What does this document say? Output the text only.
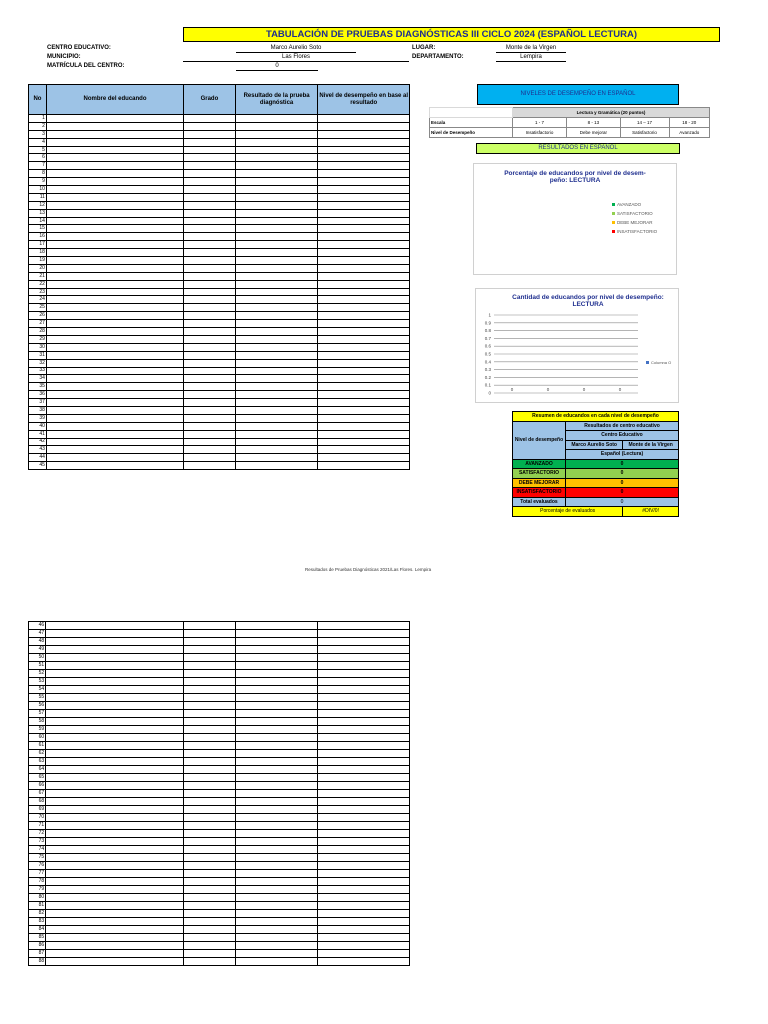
TABULACIÓN DE PRUEBAS DIAGNÓSTICAS III CICLO 2024 (ESPAÑOL LECTURA)
CENTRO EDUCATIVO:	Marco Aurelio Soto
MUNICIPIO:	Las Flores
MATRÍCULA DEL CENTRO:	0
LUGAR:	Monte de la Virgen
DEPARTAMENTO:	Lempira
No	Nombre del educando	Grado	Resultado de la prueba diagnóstica	Nivel de desempeño en base al resultado
1				
2				
3				
4				
5				
6				
7				
8				
9				
10				
11				
12				
13				
14				
15				
16				
17				
18				
19				
20				
21				
22				
23				
24				
25				
26				
27				
28				
29				
30				
31				
32				
33				
34				
35				
36				
37				
38				
39				
40				
41				
42				
43				
44				
45				
NIVELES DE DESEMPEÑO EN ESPAÑOL
	Lectura y Gramática (20 puntos)			
Escala	1 - 7	8 - 13	14 – 17	18 - 20
Nivel de Desempeño	Insatisfactorio	Debe mejorar	Satisfactorio	Avanzado
RESULTADOS EN ESPAÑOL
Porcentaje de educandos por nivel de desem-peño: LECTURA
AVANZADO
SATISFACTORIO
DEBE MEJORAR
INSATISFACTORIO
Cantidad de educandos por nivel de desempeño: LECTURA
1
0.9
0.8
0.7
0.6
0.5
0.4
0.3
0.2
0.1
0
0	0	0	0
Columna O
Resumen de educandos en cada nivel de desempeño		
Nivel de desempeño	Resultados de centro educativo	
	Centro Educativo	
	Marco Aurelio Soto	Monte de la Virgen
	Español (Lectura)	
AVANZADO	0	
SATISFACTORIO	0	
DEBE MEJORAR	0	
INSATISFACTORIO	0	
Total evaluados	0	
Porcentaje de evaluados		#DIV/0!
Resultados de Pruebas Diagnósticas 2021/Las Flores. Lempira
46				
47				
48				
49				
50				
51				
52				
53				
54				
55				
56				
57				
58				
59				
60				
61				
62				
63				
64				
65				
66				
67				
68				
69				
70				
71				
72				
73				
74				
75				
76				
77				
78				
79				
80				
81				
82				
83				
84				
85				
86				
87				
88				
